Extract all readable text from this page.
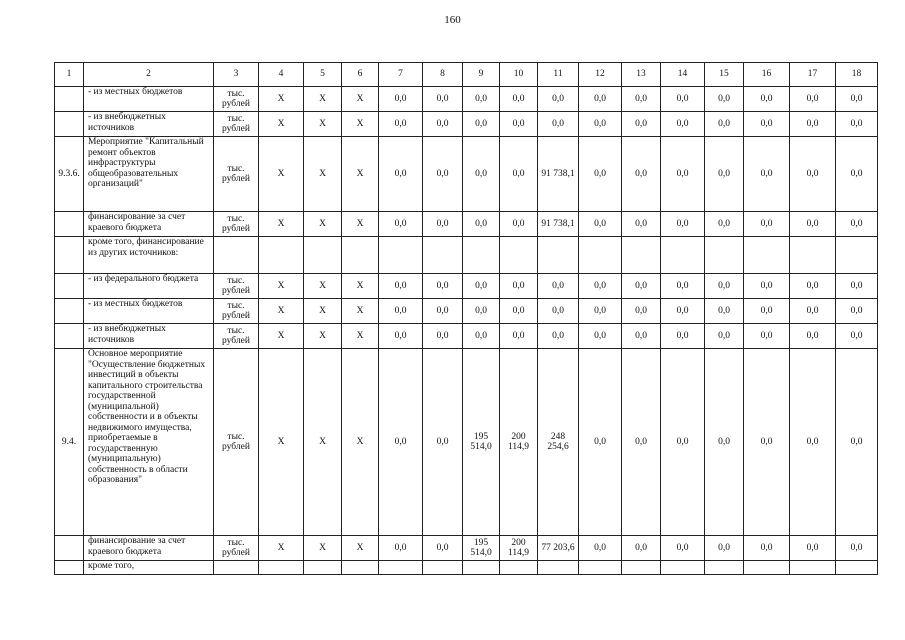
160
1	2	3	4	5	6	7	8	9	10	11	12	13	14	15	16	17	18
	- из местных бюджетов	тыс. рублей	X	X	X	0,0	0,0	0,0	0,0	0,0	0,0	0,0	0,0	0,0	0,0	0,0	0,0
	- из внебюджетных источников	тыс. рублей	X	X	X	0,0	0,0	0,0	0,0	0,0	0,0	0,0	0,0	0,0	0,0	0,0	0,0
9.3.6.	Мероприятие "Капитальный ремонт объектов инфраструктуры общеобразовательных организаций"	тыс. рублей	X	X	X	0,0	0,0	0,0	0,0	91 738,1	0,0	0,0	0,0	0,0	0,0	0,0	0,0
	финансирование за счет краевого бюджета	тыс. рублей	X	X	X	0,0	0,0	0,0	0,0	91 738,1	0,0	0,0	0,0	0,0	0,0	0,0	0,0
	кроме того, финансирование из других источников:																
	- из федерального бюджета	тыс. рублей	X	X	X	0,0	0,0	0,0	0,0	0,0	0,0	0,0	0,0	0,0	0,0	0,0	0,0
	- из местных бюджетов	тыс. рублей	X	X	X	0,0	0,0	0,0	0,0	0,0	0,0	0,0	0,0	0,0	0,0	0,0	0,0
	- из внебюджетных источников	тыс. рублей	X	X	X	0,0	0,0	0,0	0,0	0,0	0,0	0,0	0,0	0,0	0,0	0,0	0,0
9.4.	Основное мероприятие "Осуществление бюджетных инвестиций в объекты капитального строительства государственной (муниципальной) собственности и в объекты недвижимого имущества, приобретаемые в государственную (муниципальную) собственность в области образования"	тыс. рублей	X	X	X	0,0	0,0	195 514,0	200 114,9	248 254,6	0,0	0,0	0,0	0,0	0,0	0,0	0,0
	финансирование за счет краевого бюджета	тыс. рублей	X	X	X	0,0	0,0	195 514,0	200 114,9	77 203,6	0,0	0,0	0,0	0,0	0,0	0,0	0,0
	кроме того,																
